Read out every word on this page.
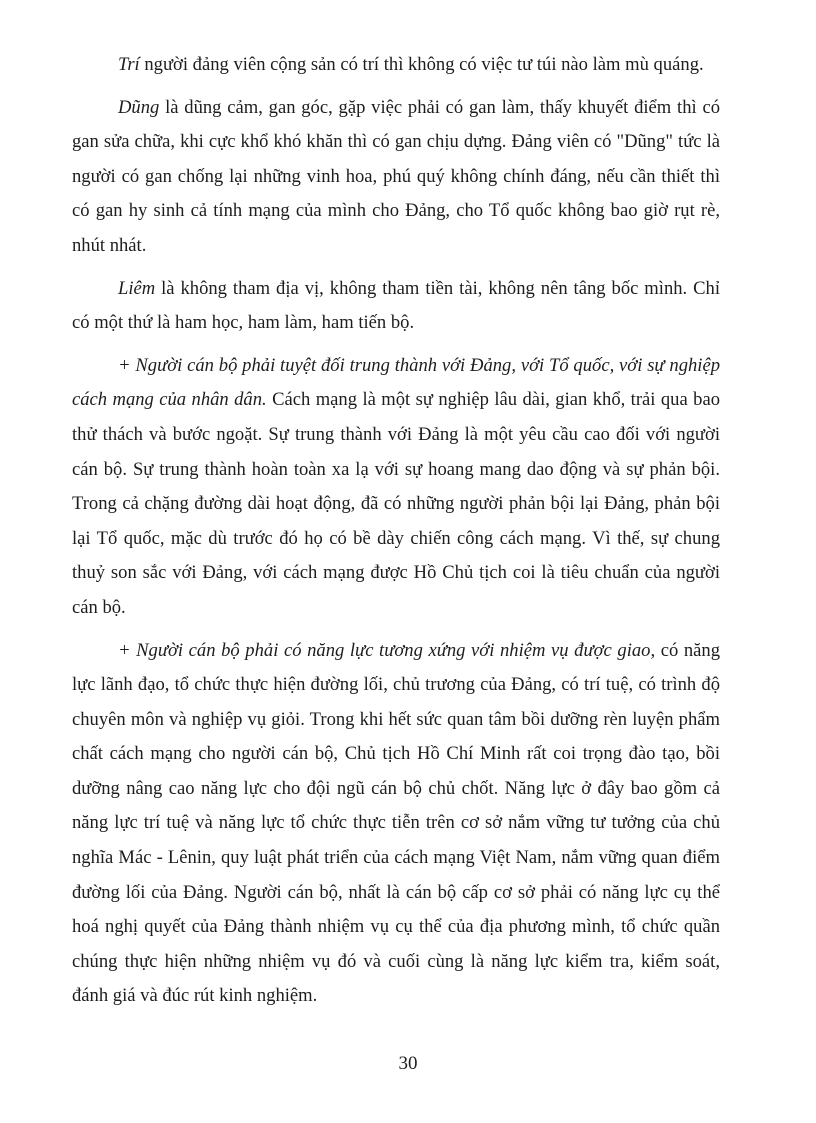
Trí người đảng viên cộng sản có trí thì không có việc tư túi nào làm mù quáng.

Dũng là dũng cảm, gan góc, gặp việc phải có gan làm, thấy khuyết điểm thì có gan sửa chữa, khi cực khổ khó khăn thì có gan chịu dựng. Đảng viên có "Dũng" tức là người có gan chống lại những vinh hoa, phú quý không chính đáng, nếu cần thiết thì có gan hy sinh cả tính mạng của mình cho Đảng, cho Tổ quốc không bao giờ rụt rè, nhút nhát.

Liêm là không tham địa vị, không tham tiền tài, không nên tâng bốc mình. Chỉ có một thứ là ham học, ham làm, ham tiến bộ.

+ Người cán bộ phải tuyệt đối trung thành với Đảng, với Tổ quốc, với sự nghiệp cách mạng của nhân dân. Cách mạng là một sự nghiệp lâu dài, gian khổ, trải qua bao thử thách và bước ngoặt. Sự trung thành với Đảng là một yêu cầu cao đối với người cán bộ. Sự trung thành hoàn toàn xa lạ với sự hoang mang dao động và sự phản bội. Trong cả chặng đường dài hoạt động, đã có những người phản bội lại Đảng, phản bội lại Tổ quốc, mặc dù trước đó họ có bề dày chiến công cách mạng. Vì thế, sự chung thuỷ son sắc với Đảng, với cách mạng được Hồ Chủ tịch coi là tiêu chuẩn của người cán bộ.

+ Người cán bộ phải có năng lực tương xứng với nhiệm vụ được giao, có năng lực lãnh đạo, tổ chức thực hiện đường lối, chủ trương của Đảng, có trí tuệ, có trình độ chuyên môn và nghiệp vụ giỏi. Trong khi hết sức quan tâm bồi dưỡng rèn luyện phẩm chất cách mạng cho người cán bộ, Chủ tịch Hồ Chí Minh rất coi trọng đào tạo, bồi dưỡng nâng cao năng lực cho đội ngũ cán bộ chủ chốt. Năng lực ở đây bao gồm cả năng lực trí tuệ và năng lực tổ chức thực tiễn trên cơ sở nắm vững tư tưởng của chủ nghĩa Mác - Lênin, quy luật phát triển của cách mạng Việt Nam, nắm vững quan điểm đường lối của Đảng. Người cán bộ, nhất là cán bộ cấp cơ sở phải có năng lực cụ thể hoá nghị quyết của Đảng thành nhiệm vụ cụ thể của địa phương mình, tổ chức quần chúng thực hiện những nhiệm vụ đó và cuối cùng là năng lực kiểm tra, kiểm soát, đánh giá và đúc rút kinh nghiệm.

30
